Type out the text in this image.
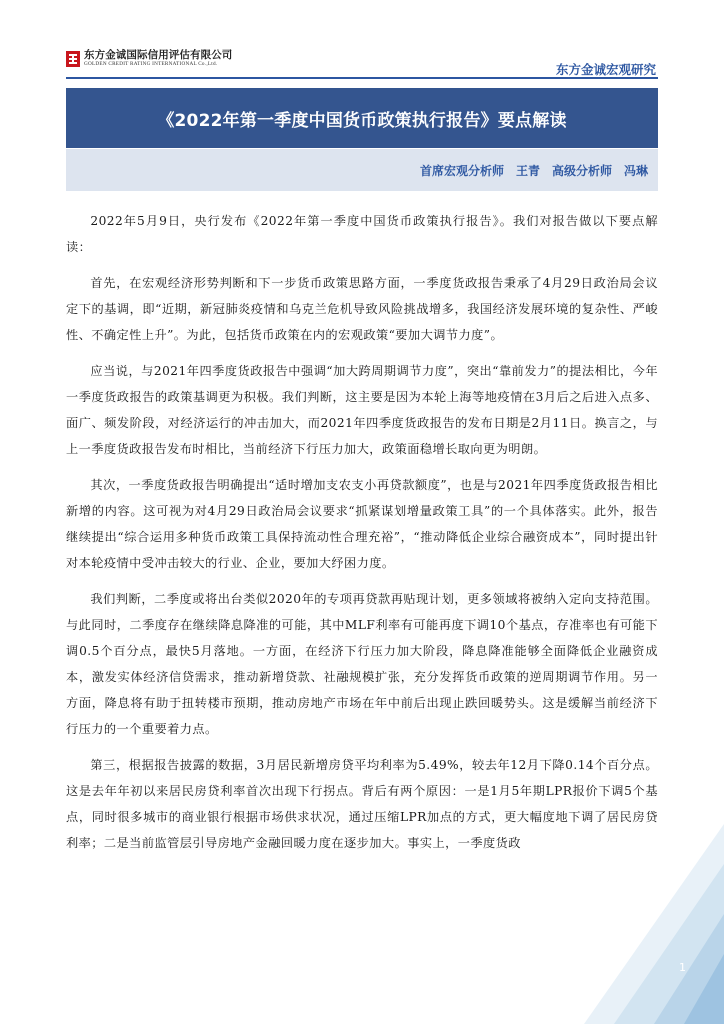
东方金诚国际信用评估有限公司
GOLDEN CREDIT RATING INTERNATIONAL Co.,Ltd.	东方金诚宏观研究
《2022年第一季度中国货币政策执行报告》要点解读
首席宏观分析师　王青　高级分析师　冯琳

2022年5月9日，央行发布《2022年第一季度中国货币政策执行报告》。我们对报告做以下要点解读：

首先，在宏观经济形势判断和下一步货币政策思路方面，一季度货政报告秉承了4月29日政治局会议定下的基调，即“近期，新冠肺炎疫情和乌克兰危机导致风险挑战增多，我国经济发展环境的复杂性、严峻性、不确定性上升”。为此，包括货币政策在内的宏观政策“要加大调节力度”。

应当说，与2021年四季度货政报告中强调“加大跨周期调节力度”，突出“靠前发力”的提法相比，今年一季度货政报告的政策基调更为积极。我们判断，这主要是因为本轮上海等地疫情在3月后之后进入点多、面广、频发阶段，对经济运行的冲击加大，而2021年四季度货政报告的发布日期是2月11日。换言之，与上一季度货政报告发布时相比，当前经济下行压力加大，政策面稳增长取向更为明朗。

其次，一季度货政报告明确提出“适时增加支农支小再贷款额度”，也是与2021年四季度货政报告相比新增的内容。这可视为对4月29日政治局会议要求“抓紧谋划增量政策工具”的一个具体落实。此外，报告继续提出“综合运用多种货币政策工具保持流动性合理充裕”，“推动降低企业综合融资成本”，同时提出针对本轮疫情中受冲击较大的行业、企业，要加大纾困力度。

我们判断，二季度或将出台类似2020年的专项再贷款再贴现计划，更多领域将被纳入定向支持范围。与此同时，二季度存在继续降息降准的可能，其中MLF利率有可能再度下调10个基点，存准率也有可能下调0.5个百分点，最快5月落地。一方面，在经济下行压力加大阶段，降息降准能够全面降低企业融资成本，激发实体经济信贷需求，推动新增贷款、社融规模扩张，充分发挥货币政策的逆周期调节作用。另一方面，降息将有助于扭转楼市预期，推动房地产市场在年中前后出现止跌回暖势头。这是缓解当前经济下行压力的一个重要着力点。

第三，根据报告披露的数据，3月居民新增房贷平均利率为5.49%，较去年12月下降0.14个百分点。这是去年年初以来居民房贷利率首次出现下行拐点。背后有两个原因：一是1月5年期LPR报价下调5个基点，同时很多城市的商业银行根据市场供求状况，通过压缩LPR加点的方式，更大幅度地下调了居民房贷利率；二是当前监管层引导房地产金融回暖力度在逐步加大。事实上，一季度货政

1
